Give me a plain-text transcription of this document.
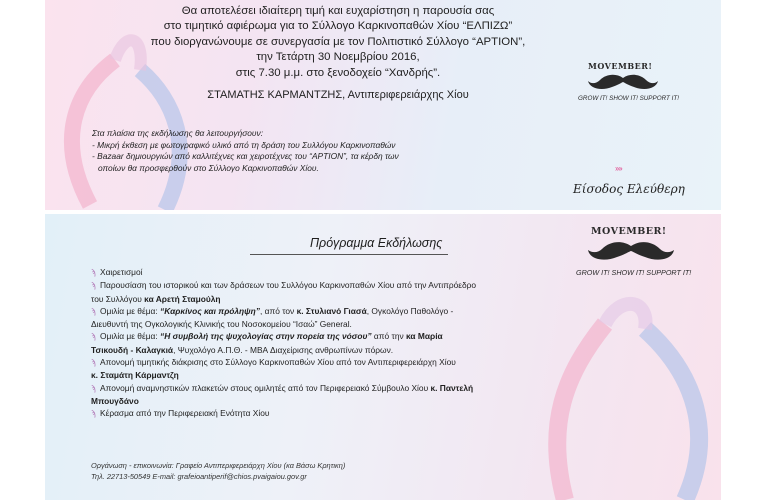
Θα αποτελέσει ιδιαίτερη τιμή και ευχαρίστηση η παρουσία σας
στο τιμητικό αφιέρωμα για το Σύλλογο Καρκινοπαθών Χίου “ΕΛΠΙΖΩ”
που διοργανώνουμε σε συνεργασία με τον Πολιτιστικό Σύλλογο “ΑΡΤΙΟΝ”,
την Τετάρτη 30 Νοεμβρίου 2016,
στις 7.30 μ.μ. στο ξενοδοχείο “Χανδρής”.
ΣΤΑΜΑΤΗΣ ΚΑΡΜΑΝΤΖΗΣ, Αντιπεριφερειάρχης Χίου
Στα πλαίσια της εκδήλωσης θα λειτουργήσουν:
- Μικρή έκθεση με φωτογραφικό υλικό από τη δράση του Συλλόγου Καρκινοπαθών
- Bazaar δημιουργιών από καλλιτέχνες και χειροτέχνες του “ΑΡΤΙΟΝ”, τα κέρδη των
οποίων θα προσφερθούν στο Σύλλογο Καρκινοπαθών Χίου.
MOVEMBER!
GROW IT! SHOW IT! SUPPORT IT!
››››
Είσοδος Ελεύθερη
Πρόγραμμα Εκδήλωσης
MOVEMBER!
GROW IT! SHOW IT! SUPPORT IT!
ϡ Χαιρετισμοί
ϡ Παρουσίαση του ιστορικού και των δράσεων του Συλλόγου Καρκινοπαθών Χίου από την Αντιπρόεδρο
του Συλλόγου κα Αρετή Σταμούλη
ϡ Ομιλία με θέμα: “Καρκίνος και πρόληψη”, από τον κ. Στυλιανό Γιασά, Ογκολόγο Παθολόγο -
Διευθυντή της Ογκολογικής Κλινικής του Νοσοκομείου “Ισαώ” General.
ϡ Ομιλία με θέμα: “Η συμβολή της ψυχολογίας στην πορεία της νόσου” από την κα Μαρία
Τσικουδή - Καλαγκιά, Ψυχολόγο Α.Π.Θ. - MBA Διαχείρισης ανθρωπίνων πόρων.
ϡ Απονομή τιμητικής διάκρισης στο Σύλλογο Καρκινοπαθών Χίου από τον Αντιπεριφερειάρχη Χίου
κ. Σταμάτη Κάρμαντζη
ϡ Απονομή αναμνηστικών πλακετών στους ομιλητές από τον Περιφερειακό Σύμβουλο Χίου κ. Παντελή
Μπουγδάνο
ϡ Κέρασμα από την Περιφερειακή Ενότητα Χίου
Οργάνωση - επικοινωνία: Γραφείο Αντιπεριφερειάρχη Χίου (κα Βάσω Κρητικη)
Τηλ. 22713-50549 E-mail: grafeioantiperif@chios.pvaigaiou.gov.gr
